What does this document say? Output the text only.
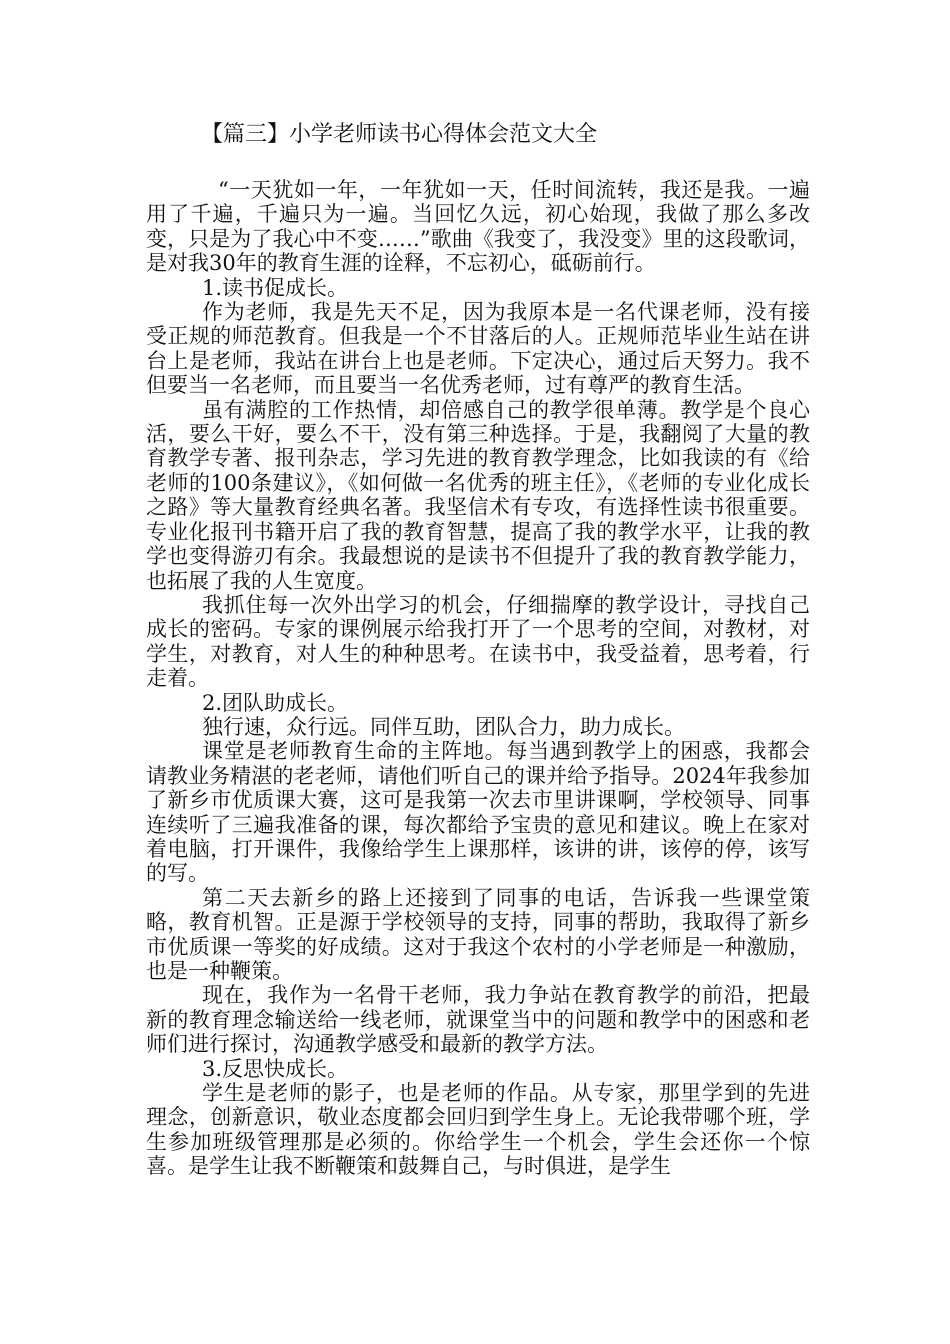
【篇三】小学老师读书心得体会范文大全

“一天犹如一年，一年犹如一天，任时间流转，我还是我。一遍用了千遍，千遍只为一遍。当回忆久远，初心始现，我做了那么多改变，只是为了我心中不变……”歌曲《我变了，我没变》里的这段歌词，是对我30年的教育生涯的诠释，不忘初心，砥砺前行。

1.读书促成长。

作为老师，我是先天不足，因为我原本是一名代课老师，没有接受正规的师范教育。但我是一个不甘落后的人。正规师范毕业生站在讲台上是老师，我站在讲台上也是老师。下定决心，通过后天努力。我不但要当一名老师，而且要当一名优秀老师，过有尊严的教育生活。

虽有满腔的工作热情，却倍感自己的教学很单薄。教学是个良心活，要么干好，要么不干，没有第三种选择。于是，我翻阅了大量的教育教学专著、报刊杂志，学习先进的教育教学理念，比如我读的有《给老师的100条建议》，《如何做一名优秀的班主任》，《老师的专业化成长之路》等大量教育经典名著。我坚信术有专攻，有选择性读书很重要。专业化报刊书籍开启了我的教育智慧，提高了我的教学水平，让我的教学也变得游刃有余。我最想说的是读书不但提升了我的教育教学能力，也拓展了我的人生宽度。

我抓住每一次外出学习的机会，仔细揣摩的教学设计，寻找自己成长的密码。专家的课例展示给我打开了一个思考的空间，对教材，对学生，对教育，对人生的种种思考。在读书中，我受益着，思考着，行走着。

2.团队助成长。

独行速，众行远。同伴互助，团队合力，助力成长。

课堂是老师教育生命的主阵地。每当遇到教学上的困惑，我都会请教业务精湛的老老师，请他们听自己的课并给予指导。2024年我参加了新乡市优质课大赛，这可是我第一次去市里讲课啊，学校领导、同事连续听了三遍我准备的课，每次都给予宝贵的意见和建议。晚上在家对着电脑，打开课件，我像给学生上课那样，该讲的讲，该停的停，该写的写。

第二天去新乡的路上还接到了同事的电话，告诉我一些课堂策略，教育机智。正是源于学校领导的支持，同事的帮助，我取得了新乡市优质课一等奖的好成绩。这对于我这个农村的小学老师是一种激励，也是一种鞭策。

现在，我作为一名骨干老师，我力争站在教育教学的前沿，把最新的教育理念输送给一线老师，就课堂当中的问题和教学中的困惑和老师们进行探讨，沟通教学感受和最新的教学方法。

3.反思快成长。

学生是老师的影子，也是老师的作品。从专家，那里学到的先进理念，创新意识，敬业态度都会回归到学生身上。无论我带哪个班，学生参加班级管理那是必须的。你给学生一个机会，学生会还你一个惊喜。是学生让我不断鞭策和鼓舞自己，与时俱进，是学生
